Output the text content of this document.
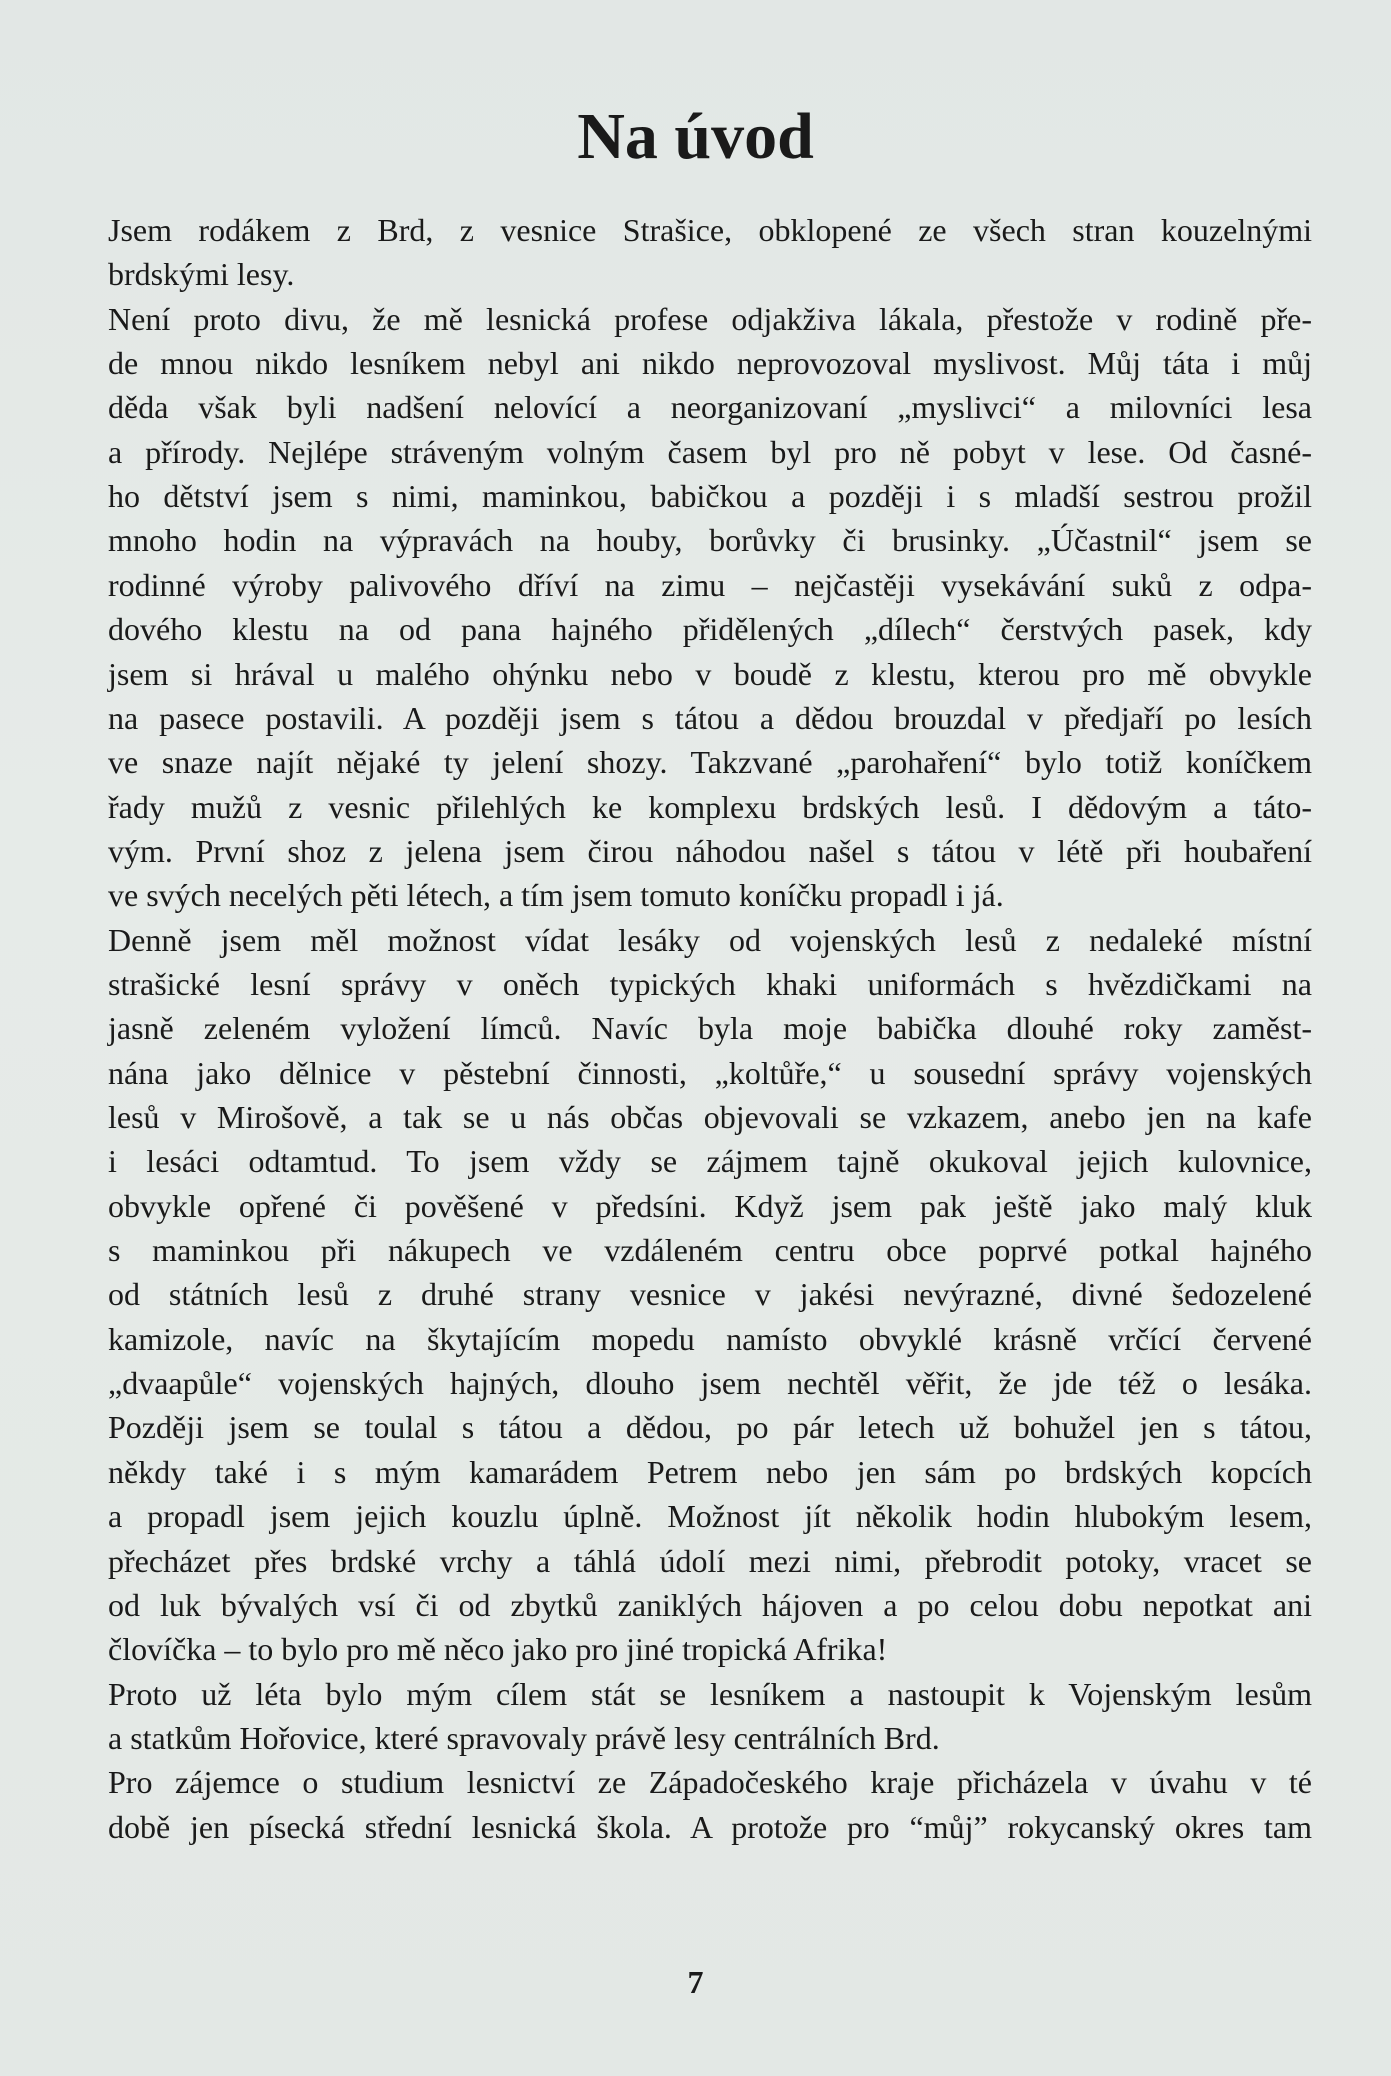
Na úvod

Jsem rodákem z Brd, z vesnice Strašice, obklopené ze všech stran kouzelnými

brdskými lesy.

Není proto divu, že mě lesnická profese odjakživa lákala, přestože v rodině pře-

de mnou nikdo lesníkem nebyl ani nikdo neprovozoval myslivost. Můj táta i můj

děda však byli nadšení nelovící a neorganizovaní „myslivci“ a milovníci lesa

a přírody. Nejlépe stráveným volným časem byl pro ně pobyt v lese. Od časné-

ho dětství jsem s nimi, maminkou, babičkou a později i s mladší sestrou prožil

mnoho hodin na výpravách na houby, borůvky či brusinky. „Účastnil“ jsem se

rodinné výroby palivového dříví na zimu – nejčastěji vysekávání suků z odpa-

dového klestu na od pana hajného přidělených „dílech“ čerstvých pasek, kdy

jsem si hrával u malého ohýnku nebo v boudě z klestu, kterou pro mě obvykle

na pasece postavili. A později jsem s tátou a dědou brouzdal v předjaří po lesích

ve snaze najít nějaké ty jelení shozy. Takzvané „parohaření“ bylo totiž koníčkem

řady mužů z vesnic přilehlých ke komplexu brdských lesů. I dědovým a táto-

vým. První shoz z jelena jsem čirou náhodou našel s tátou v létě při houbaření

ve svých necelých pěti létech, a tím jsem tomuto koníčku propadl i já.

Denně jsem měl možnost vídat lesáky od vojenských lesů z nedaleké místní

strašické lesní správy v oněch typických khaki uniformách s hvězdičkami na

jasně zeleném vyložení límců. Navíc byla moje babička dlouhé roky zaměst-

nána jako dělnice v pěstební činnosti, „koltůře,“ u sousední správy vojenských

lesů v Mirošově, a tak se u nás občas objevovali se vzkazem, anebo jen na kafe

i lesáci odtamtud. To jsem vždy se zájmem tajně okukoval jejich kulovnice,

obvykle opřené či pověšené v předsíni. Když jsem pak ještě jako malý kluk

s maminkou při nákupech ve vzdáleném centru obce poprvé potkal hajného

od státních lesů z druhé strany vesnice v jakési nevýrazné, divné šedozelené

kamizole, navíc na škytajícím mopedu namísto obvyklé krásně vrčící červené

„dvaapůle“ vojenských hajných, dlouho jsem nechtěl věřit, že jde též o lesáka.

Později jsem se toulal s tátou a dědou, po pár letech už bohužel jen s tátou,

někdy také i s mým kamarádem Petrem nebo jen sám po brdských kopcích

a propadl jsem jejich kouzlu úplně. Možnost jít několik hodin hlubokým lesem,

přecházet přes brdské vrchy a táhlá údolí mezi nimi, přebrodit potoky, vracet se

od luk bývalých vsí či od zbytků zaniklých hájoven a po celou dobu nepotkat ani

človíčka – to bylo pro mě něco jako pro jiné tropická Afrika!

Proto už léta bylo mým cílem stát se lesníkem a nastoupit k Vojenským lesům

a statkům Hořovice, které spravovaly právě lesy centrálních Brd.

Pro zájemce o studium lesnictví ze Západočeského kraje přicházela v úvahu v té

době jen písecká střední lesnická škola. A protože pro “můj” rokycanský okres tam

7
